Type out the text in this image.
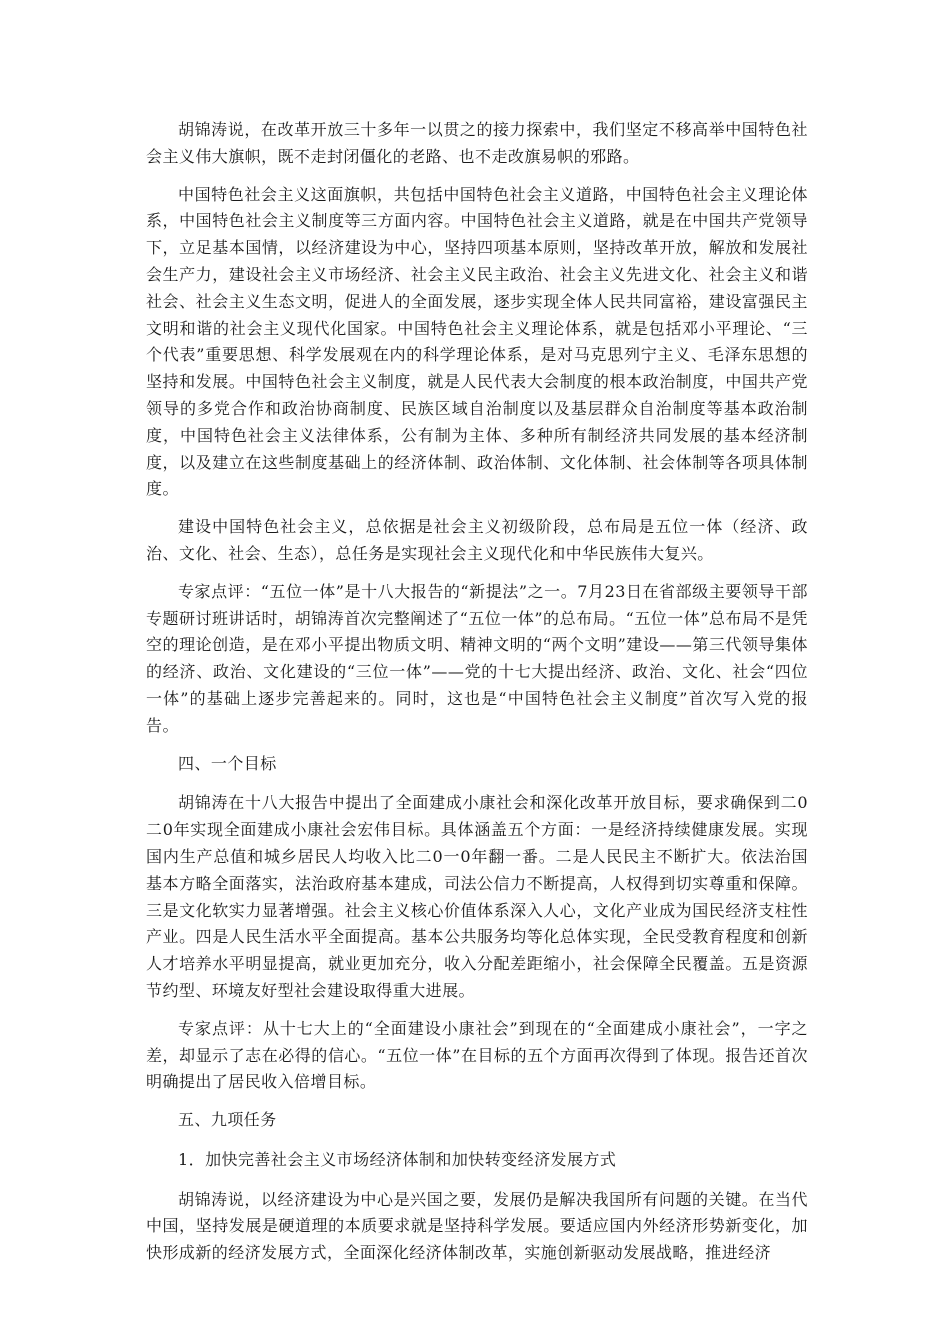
胡锦涛说，在改革开放三十多年一以贯之的接力探索中，我们坚定不移高举中国特色社会主义伟大旗帜，既不走封闭僵化的老路、也不走改旗易帜的邪路。

中国特色社会主义这面旗帜，共包括中国特色社会主义道路，中国特色社会主义理论体系，中国特色社会主义制度等三方面内容。中国特色社会主义道路，就是在中国共产党领导下，立足基本国情，以经济建设为中心，坚持四项基本原则，坚持改革开放，解放和发展社会生产力，建设社会主义市场经济、社会主义民主政治、社会主义先进文化、社会主义和谐社会、社会主义生态文明，促进人的全面发展，逐步实现全体人民共同富裕，建设富强民主文明和谐的社会主义现代化国家。中国特色社会主义理论体系，就是包括邓小平理论、“三个代表”重要思想、科学发展观在内的科学理论体系，是对马克思列宁主义、毛泽东思想的坚持和发展。中国特色社会主义制度，就是人民代表大会制度的根本政治制度，中国共产党领导的多党合作和政治协商制度、民族区域自治制度以及基层群众自治制度等基本政治制度，中国特色社会主义法律体系，公有制为主体、多种所有制经济共同发展的基本经济制度，以及建立在这些制度基础上的经济体制、政治体制、文化体制、社会体制等各项具体制度。

建设中国特色社会主义，总依据是社会主义初级阶段，总布局是五位一体（经济、政治、文化、社会、生态），总任务是实现社会主义现代化和中华民族伟大复兴。

专家点评：“五位一体”是十八大报告的“新提法”之一。7月23日在省部级主要领导干部专题研讨班讲话时，胡锦涛首次完整阐述了“五位一体”的总布局。“五位一体”总布局不是凭空的理论创造，是在邓小平提出物质文明、精神文明的“两个文明”建设——第三代领导集体的经济、政治、文化建设的“三位一体”——党的十七大提出经济、政治、文化、社会“四位一体”的基础上逐步完善起来的。同时，这也是“中国特色社会主义制度”首次写入党的报告。

四、一个目标

胡锦涛在十八大报告中提出了全面建成小康社会和深化改革开放目标，要求确保到二0二0年实现全面建成小康社会宏伟目标。具体涵盖五个方面：一是经济持续健康发展。实现国内生产总值和城乡居民人均收入比二0一0年翻一番。二是人民民主不断扩大。依法治国基本方略全面落实，法治政府基本建成，司法公信力不断提高，人权得到切实尊重和保障。三是文化软实力显著增强。社会主义核心价值体系深入人心，文化产业成为国民经济支柱性产业。四是人民生活水平全面提高。基本公共服务均等化总体实现，全民受教育程度和创新人才培养水平明显提高，就业更加充分，收入分配差距缩小，社会保障全民覆盖。五是资源节约型、环境友好型社会建设取得重大进展。

专家点评：从十七大上的“全面建设小康社会”到现在的“全面建成小康社会”，一字之差，却显示了志在必得的信心。“五位一体”在目标的五个方面再次得到了体现。报告还首次明确提出了居民收入倍增目标。

五、九项任务

1．加快完善社会主义市场经济体制和加快转变经济发展方式

胡锦涛说，以经济建设为中心是兴国之要，发展仍是解决我国所有问题的关键。在当代中国，坚持发展是硬道理的本质要求就是坚持科学发展。要适应国内外经济形势新变化，加快形成新的经济发展方式，全面深化经济体制改革，实施创新驱动发展战略，推进经济
